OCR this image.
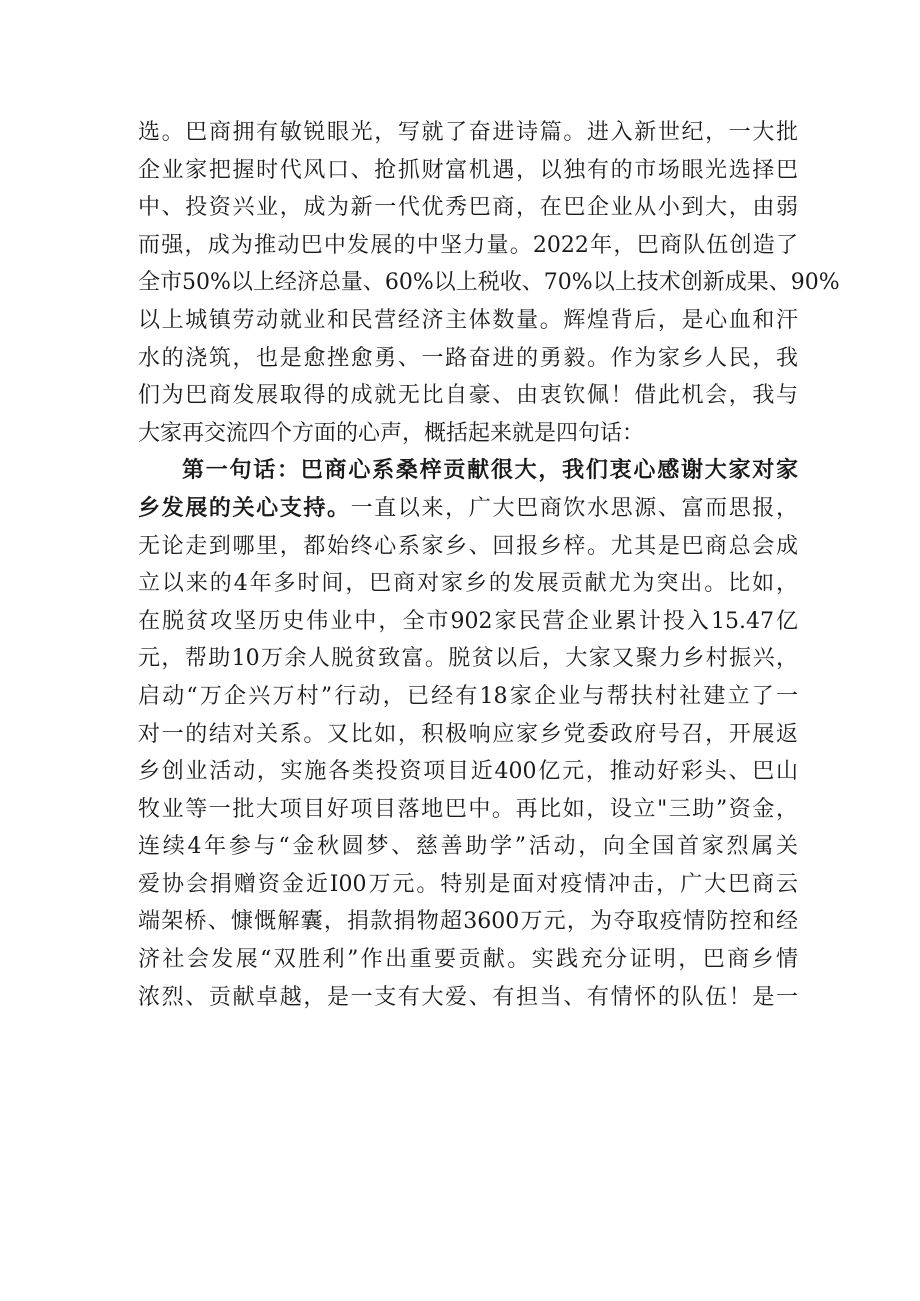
选。巴商拥有敏锐眼光，写就了奋进诗篇。进入新世纪，一大批
企业家把握时代风口、抢抓财富机遇，以独有的市场眼光选择巴
中、投资兴业，成为新一代优秀巴商，在巴企业从小到大，由弱
而强，成为推动巴中发展的中坚力量。2022年，巴商队伍创造了
全市50%以上经济总量、60%以上税收、70%以上技术创新成果、90%
以上城镇劳动就业和民营经济主体数量。辉煌背后，是心血和汗
水的浇筑，也是愈挫愈勇、一路奋进的勇毅。作为家乡人民，我
们为巴商发展取得的成就无比自豪、由衷钦佩！借此机会，我与
大家再交流四个方面的心声，概括起来就是四句话：
第一句话：巴商心系桑梓贡献很大，我们衷心感谢大家对家
乡发展的关心支持。一直以来，广大巴商饮水思源、富而思报，
无论走到哪里，都始终心系家乡、回报乡梓。尤其是巴商总会成
立以来的4年多时间，巴商对家乡的发展贡献尤为突出。比如，
在脱贫攻坚历史伟业中，全市902家民营企业累计投入15.47亿
元，帮助10万余人脱贫致富。脱贫以后，大家又聚力乡村振兴，
启动“万企兴万村”行动，已经有18家企业与帮扶村社建立了一
对一的结对关系。又比如，积极响应家乡党委政府号召，开展返
乡创业活动，实施各类投资项目近400亿元，推动好彩头、巴山
牧业等一批大项目好项目落地巴中。再比如，设立"三助”资金，
连续4年参与“金秋圆梦、慈善助学”活动，向全国首家烈属关
爱协会捐赠资金近I00万元。特别是面对疫情冲击，广大巴商云
端架桥、慷慨解囊，捐款捐物超3600万元，为夺取疫情防控和经
济社会发展“双胜利”作出重要贡献。实践充分证明，巴商乡情
浓烈、贡献卓越，是一支有大爱、有担当、有情怀的队伍！是一
